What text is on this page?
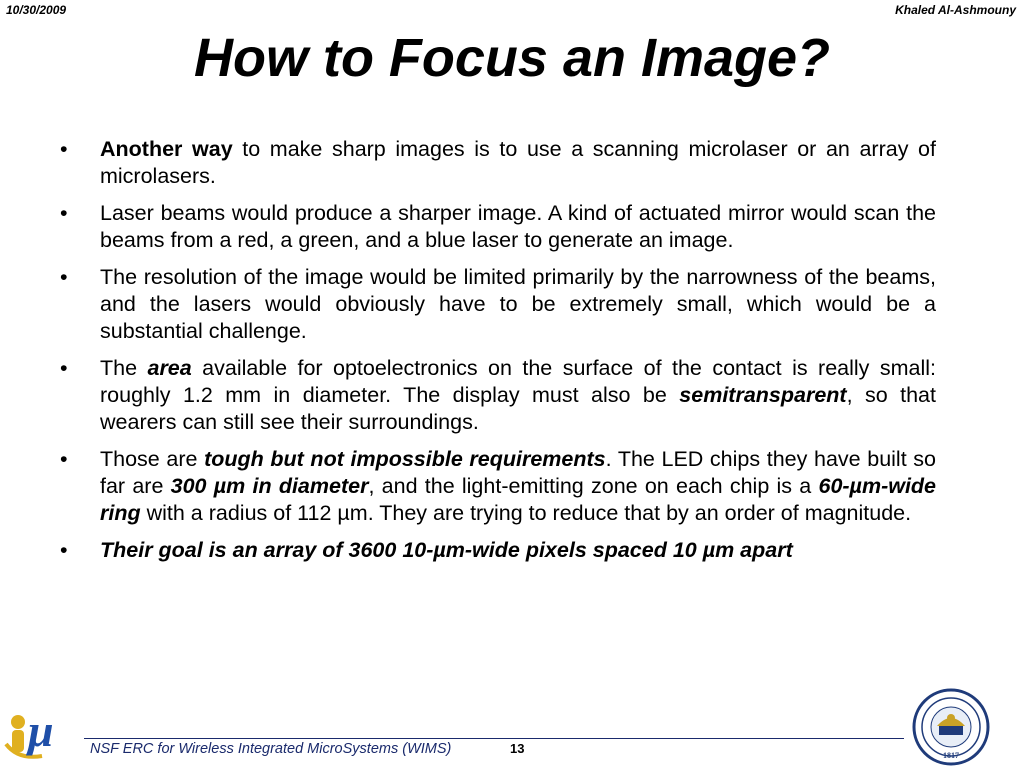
10/30/2009	Khaled Al-Ashmouny
How to Focus an Image?
•	Another way to make sharp images is to use a scanning microlaser or an array of microlasers.
•	Laser beams would produce a sharper image. A kind of actuated mirror would scan the beams from a red, a green, and a blue laser to generate an image.
•	The resolution of the image would be limited primarily by the narrowness of the beams, and the lasers would obviously have to be extremely small, which would be a substantial challenge.
•	The area available for optoelectronics on the surface of the contact is really small: roughly 1.2 mm in diameter. The display must also be semitransparent, so that wearers can still see their surroundings.
•	Those are tough but not impossible requirements. The LED chips they have built so far are 300 µm in diameter, and the light-emitting zone on each chip is a 60-µm-wide ring with a radius of 112 µm. They are trying to reduce that by an order of magnitude.
•	Their goal is an array of 3600 10-µm-wide pixels spaced 10 µm apart
μ	NSF ERC for Wireless Integrated MicroSystems (WIMS)	13	1817
